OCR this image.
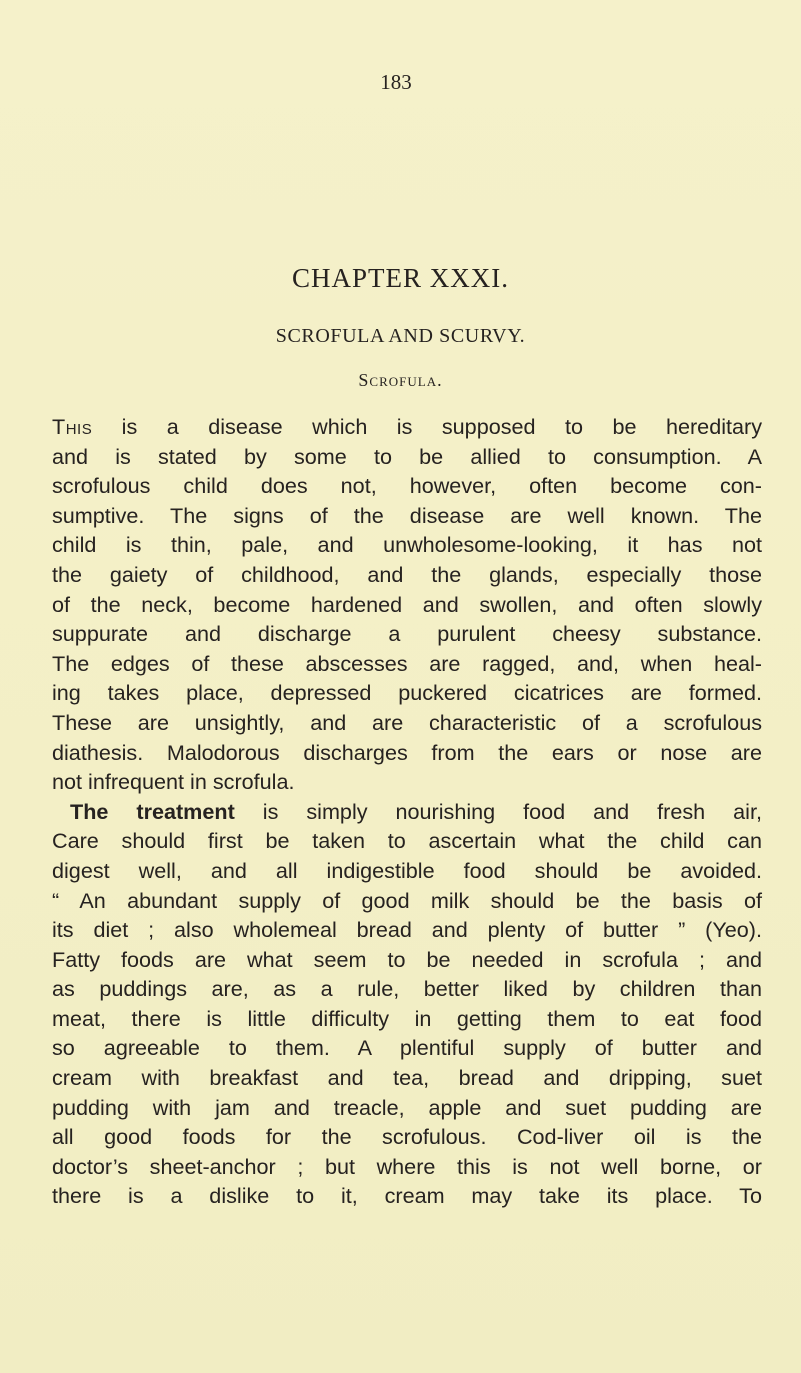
183
CHAPTER XXXI.
SCROFULA AND SCURVY.
Scrofula.
This is a disease which is supposed to be hereditary
and is stated by some to be allied to consumption. A
scrofulous child does not, however, often become con-
sumptive. The signs of the disease are well known. The
child is thin, pale, and unwholesome-looking, it has not
the gaiety of childhood, and the glands, especially those
of the neck, become hardened and swollen, and often slowly
suppurate and discharge a purulent cheesy substance.
The edges of these abscesses are ragged, and, when heal-
ing takes place, depressed puckered cicatrices are formed.
These are unsightly, and are characteristic of a scrofulous
diathesis. Malodorous discharges from the ears or nose are
not infrequent in scrofula.
The treatment is simply nourishing food and fresh air,
Care should first be taken to ascertain what the child can
digest well, and all indigestible food should be avoided.
“ An abundant supply of good milk should be the basis of
its diet ; also wholemeal bread and plenty of butter ” (Yeo).
Fatty foods are what seem to be needed in scrofula ; and
as puddings are, as a rule, better liked by children than
meat, there is little difficulty in getting them to eat food
so agreeable to them. A plentiful supply of butter and
cream with breakfast and tea, bread and dripping, suet
pudding with jam and treacle, apple and suet pudding are
all good foods for the scrofulous. Cod-liver oil is the
doctor’s sheet-anchor ; but where this is not well borne, or
there is a dislike to it, cream may take its place. To
